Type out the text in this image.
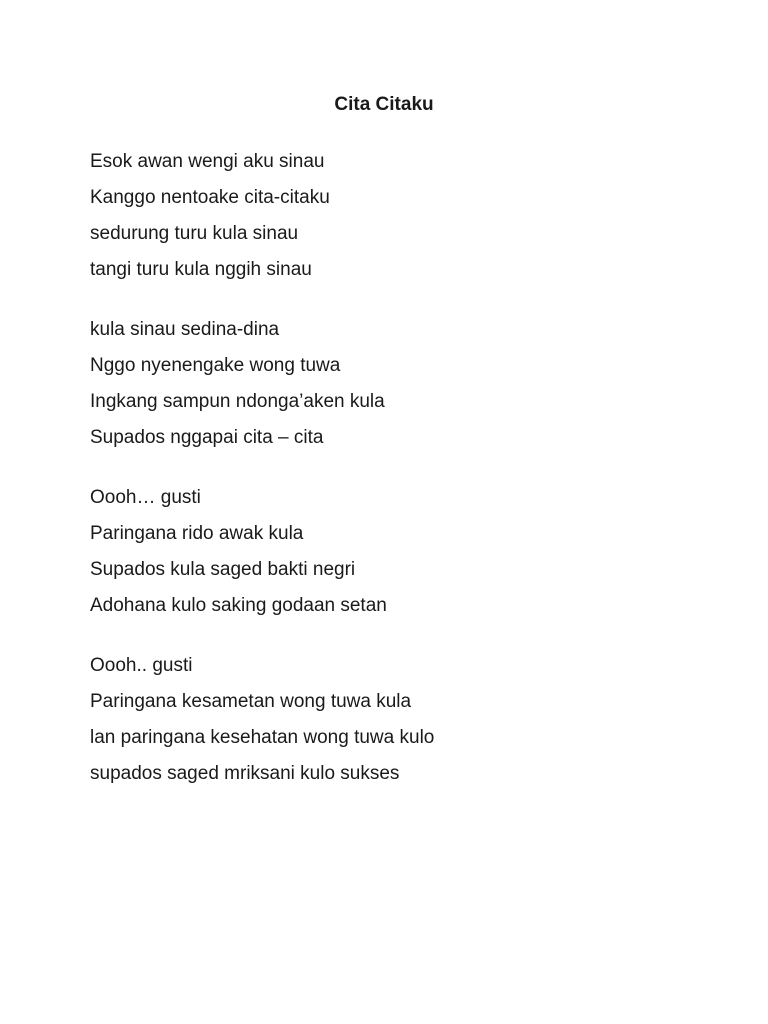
Cita Citaku
Esok awan wengi aku sinau
Kanggo nentoake cita-citaku
sedurung turu kula sinau
tangi turu kula nggih sinau
kula sinau sedina-dina
Nggo nyenengake wong tuwa
Ingkang sampun ndonga’aken kula
Supados nggapai cita – cita
Oooh… gusti
Paringana rido awak kula
Supados kula saged bakti negri
Adohana kulo saking godaan setan
Oooh.. gusti
Paringana kesametan wong tuwa kula
lan paringana kesehatan wong tuwa kulo
supados saged mriksani kulo sukses
